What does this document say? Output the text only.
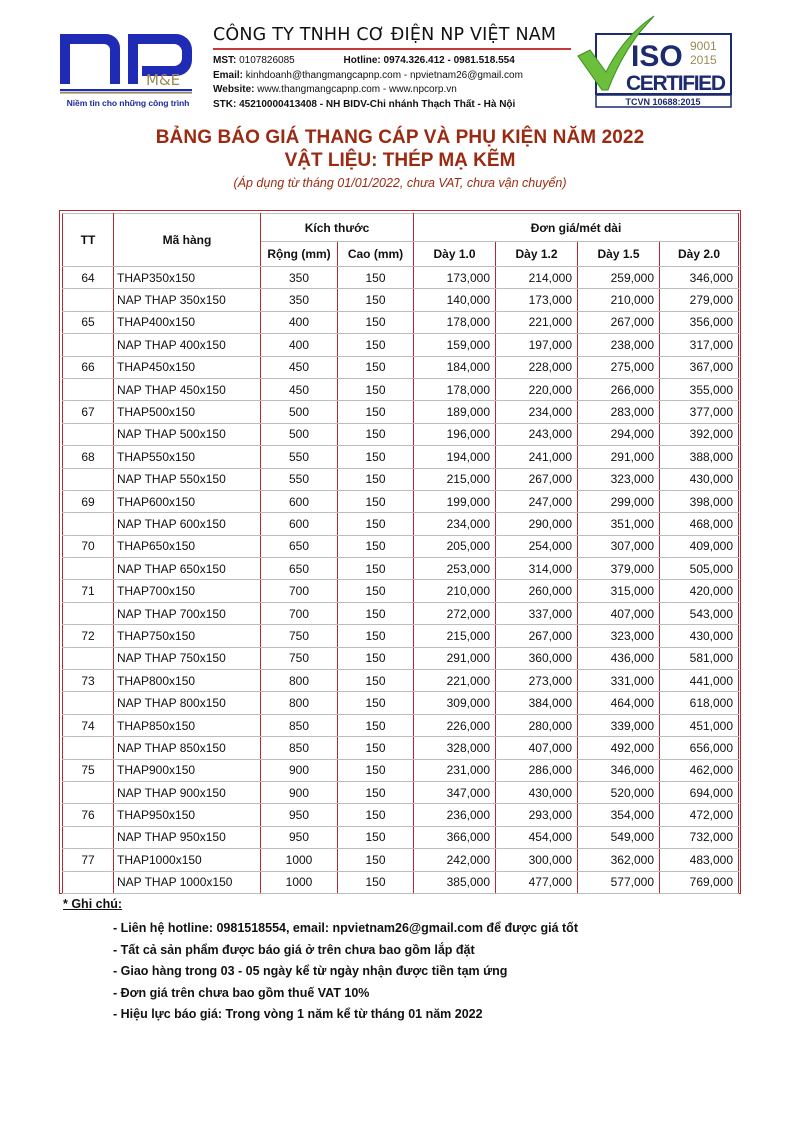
M&E
Niềm tin cho những công trình
CÔNG TY TNHH CƠ ĐIỆN NP VIỆT NAM
MST: 0107826085	Hotline: 0974.326.412 - 0981.518.554
Email: kinhdoanh@thangmangcapnp.com - npvietnam26@gmail.com
Website: www.thangmangcapnp.com - www.npcorp.vn
STK: 45210000413408 - NH BIDV-Chi nhánh Thạch Thất - Hà Nội
ISO 9001
2015
CERTIFIED
TCVN 10688:2015
BẢNG BÁO GIÁ THANG CÁP VÀ PHỤ KIỆN NĂM 2022
VẬT LIỆU: THÉP MẠ KẼM
(Áp dụng từ tháng 01/01/2022, chưa VAT, chưa vận chuyển)
TT	Mã hàng	Kích thước		Đơn giá/mét dài			
		Rộng (mm)	Cao (mm)	Dày 1.0	Dày 1.2	Dày 1.5	Dày 2.0
64	THAP350x150	350	150	173,000	214,000	259,000	346,000
	NAP THAP 350x150	350	150	140,000	173,000	210,000	279,000
65	THAP400x150	400	150	178,000	221,000	267,000	356,000
	NAP THAP 400x150	400	150	159,000	197,000	238,000	317,000
66	THAP450x150	450	150	184,000	228,000	275,000	367,000
	NAP THAP 450x150	450	150	178,000	220,000	266,000	355,000
67	THAP500x150	500	150	189,000	234,000	283,000	377,000
	NAP THAP 500x150	500	150	196,000	243,000	294,000	392,000
68	THAP550x150	550	150	194,000	241,000	291,000	388,000
	NAP THAP 550x150	550	150	215,000	267,000	323,000	430,000
69	THAP600x150	600	150	199,000	247,000	299,000	398,000
	NAP THAP 600x150	600	150	234,000	290,000	351,000	468,000
70	THAP650x150	650	150	205,000	254,000	307,000	409,000
	NAP THAP 650x150	650	150	253,000	314,000	379,000	505,000
71	THAP700x150	700	150	210,000	260,000	315,000	420,000
	NAP THAP 700x150	700	150	272,000	337,000	407,000	543,000
72	THAP750x150	750	150	215,000	267,000	323,000	430,000
	NAP THAP 750x150	750	150	291,000	360,000	436,000	581,000
73	THAP800x150	800	150	221,000	273,000	331,000	441,000
	NAP THAP 800x150	800	150	309,000	384,000	464,000	618,000
74	THAP850x150	850	150	226,000	280,000	339,000	451,000
	NAP THAP 850x150	850	150	328,000	407,000	492,000	656,000
75	THAP900x150	900	150	231,000	286,000	346,000	462,000
	NAP THAP 900x150	900	150	347,000	430,000	520,000	694,000
76	THAP950x150	950	150	236,000	293,000	354,000	472,000
	NAP THAP 950x150	950	150	366,000	454,000	549,000	732,000
77	THAP1000x150	1000	150	242,000	300,000	362,000	483,000
	NAP THAP 1000x150	1000	150	385,000	477,000	577,000	769,000
* Ghi chú:
- Liên hệ hotline: 0981518554, email: npvietnam26@gmail.com để được giá tốt
- Tất cả sản phẩm được báo giá ở trên chưa bao gồm lắp đặt
- Giao hàng trong 03 - 05 ngày kể từ ngày nhận được tiền tạm ứng
- Đơn giá trên chưa bao gồm thuế VAT 10%
- Hiệu lực báo giá: Trong vòng 1 năm kể từ tháng 01 năm 2022
